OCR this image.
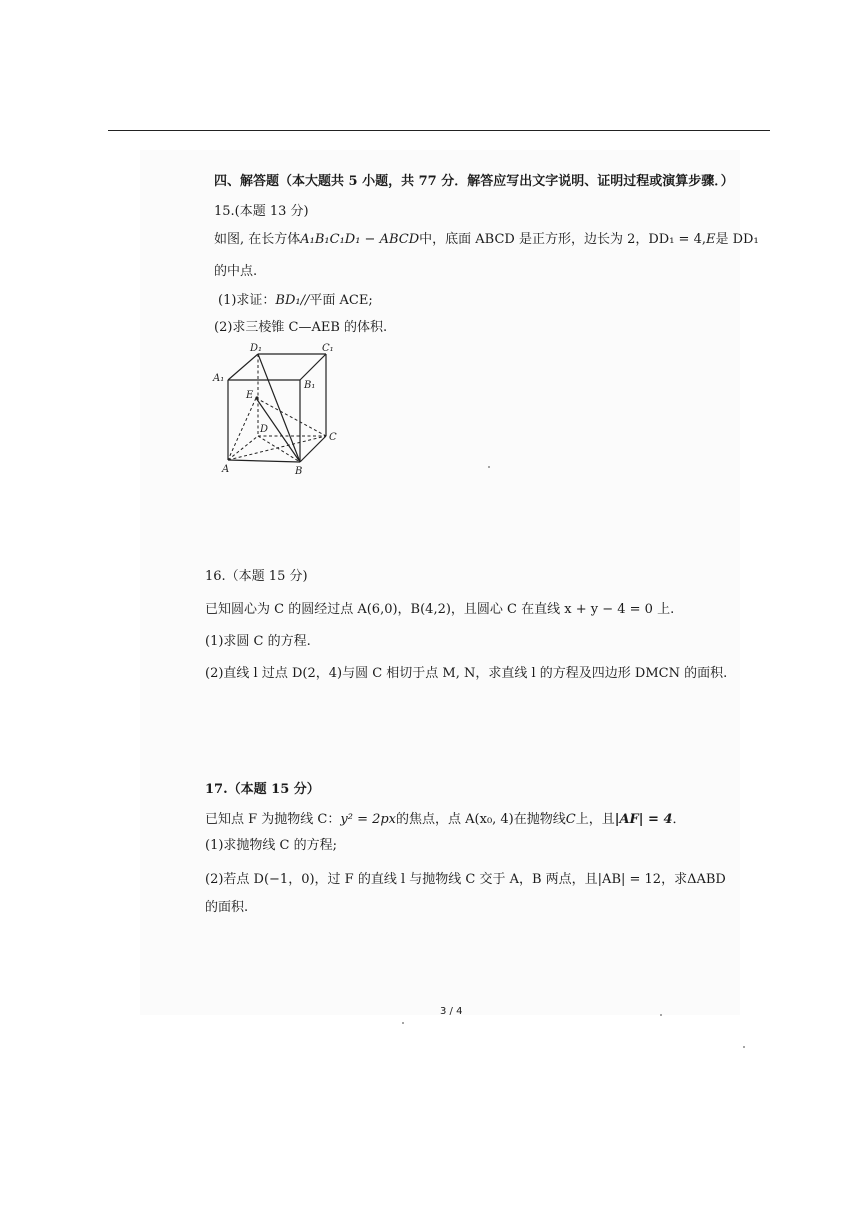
四、解答题（本大题共 5 小题，共 77 分．解答应写出文字说明、证明过程或演算步骤．）
15.(本题 13 分)
如图, 在长方体A₁B₁C₁D₁ − ABCD中，底面 ABCD 是正方形，边长为 2，DD₁ = 4,E是 DD₁
的中点.
(1)求证：BD₁//平面 ACE;
(2)求三棱锥 C—AEB 的体积.
D₁	C₁
A₁
B₁
E
D
C
A	B
16.（本题 15 分)
已知圆心为 C 的圆经过点 A(6,0)，B(4,2)，且圆心 C 在直线 x + y − 4 = 0 上.
(1)求圆 C 的方程.
(2)直线 l 过点 D(2，4)与圆 C 相切于点 M, N，求直线 l 的方程及四边形 DMCN 的面积.
17.（本题 15 分）
已知点 F 为抛物线 C：y² = 2px的焦点，点 A(x₀, 4)在抛物线C上，且|AF| = 4．
(1)求抛物线 C 的方程;
(2)若点 D(−1，0)，过 F 的直线 l 与抛物线 C 交于 A，B 两点，且|AB| = 12，求ΔABD
的面积.
3 / 4
